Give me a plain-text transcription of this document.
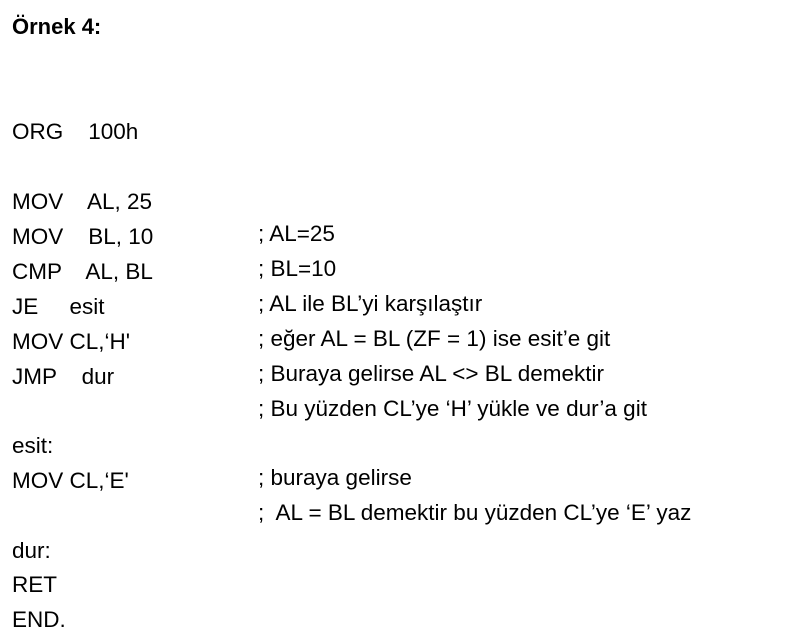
Örnek 4:

ORG    100h

MOV    AL, 25

; AL=25

MOV    BL, 10

; BL=10

CMP    AL, BL

; AL ile BL’yi karşılaştır

JE     esit

; eğer AL = BL (ZF = 1) ise esit’e git

MOV CL,‘H'

; Buraya gelirse AL <> BL demektir

JMP    dur

; Bu yüzden CL’ye ‘H’ yükle ve dur’a git

esit:

; buraya gelirse

MOV CL,‘E'

;  AL = BL demektir bu yüzden CL’ye ‘E’ yaz

dur:

RET

END.
